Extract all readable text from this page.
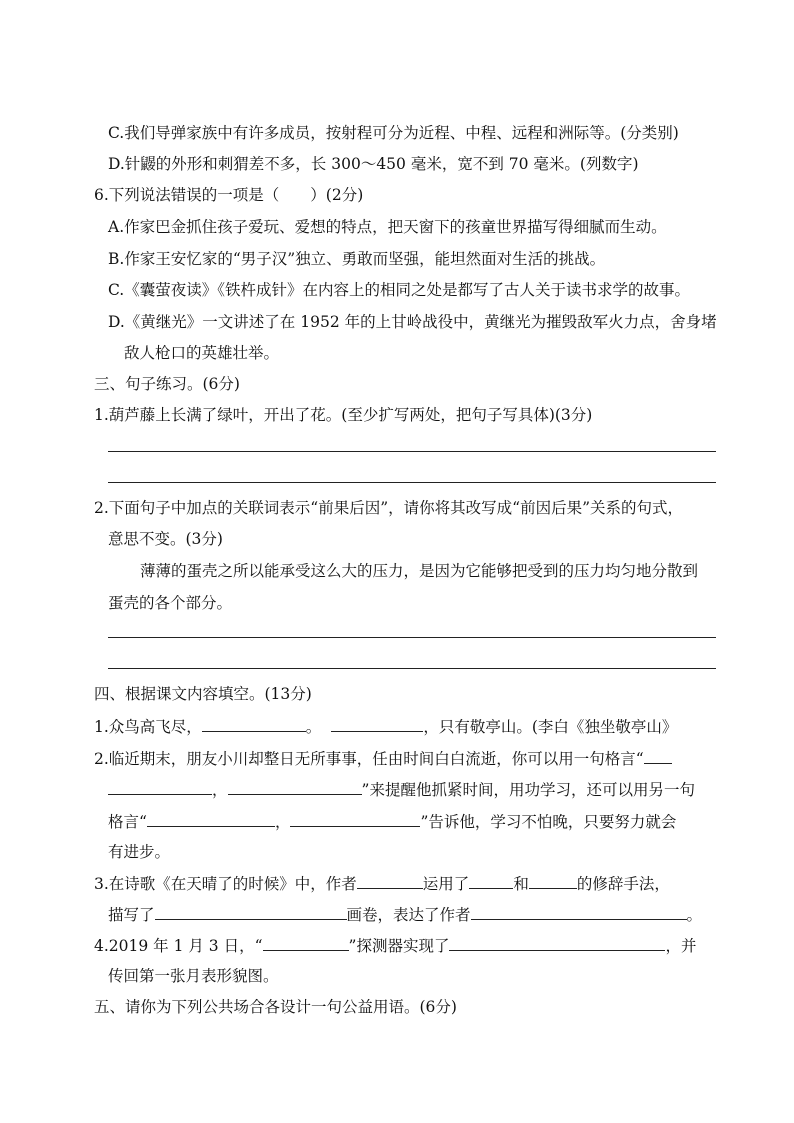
C.我们导弹家族中有许多成员，按射程可分为近程、中程、远程和洲际等。(分类别)
D.针鼹的外形和刺猬差不多，长 300～450 毫米，宽不到 70 毫米。(列数字)
6.下列说法错误的一项是（　　）(2分)
A.作家巴金抓住孩子爱玩、爱想的特点，把天窗下的孩童世界描写得细腻而生动。
B.作家王安忆家的“男子汉”独立、勇敢而坚强，能坦然面对生活的挑战。
C.《囊萤夜读》《铁杵成针》在内容上的相同之处是都写了古人关于读书求学的故事。
D.《黄继光》一文讲述了在 1952 年的上甘岭战役中，黄继光为摧毁敌军火力点，舍身堵
敌人枪口的英雄壮举。
三、句子练习。(6分)
1.葫芦藤上长满了绿叶，开出了花。(至少扩写两处，把句子写具体)(3分)
2.下面句子中加点的关联词表示“前果后因”，请你将其改写成“前因后果”关系的句式，
意思不变。(3分)
薄薄的蛋壳之所以能承受这么大的压力，是因为它能够把受到的压力均匀地分散到
蛋壳的各个部分。
四、根据课文内容填空。(13分)
1.众鸟高飞尽，	。	，只有敬亭山。(李白《独坐敬亭山》
2.临近期末，朋友小川却整日无所事事，任由时间白白流逝，你可以用一句格言“
，	”来提醒他抓紧时间，用功学习，还可以用另一句
格言“	，	”告诉他，学习不怕晚，只要努力就会
有进步。
3.在诗歌《在天晴了的时候》中，作者	运用了	和	的修辞手法，
描写了	画卷，表达了作者	。
4.2019 年 1 月 3 日，“	”探测器实现了	，并
传回第一张月表形貌图。
五、请你为下列公共场合各设计一句公益用语。(6分)
